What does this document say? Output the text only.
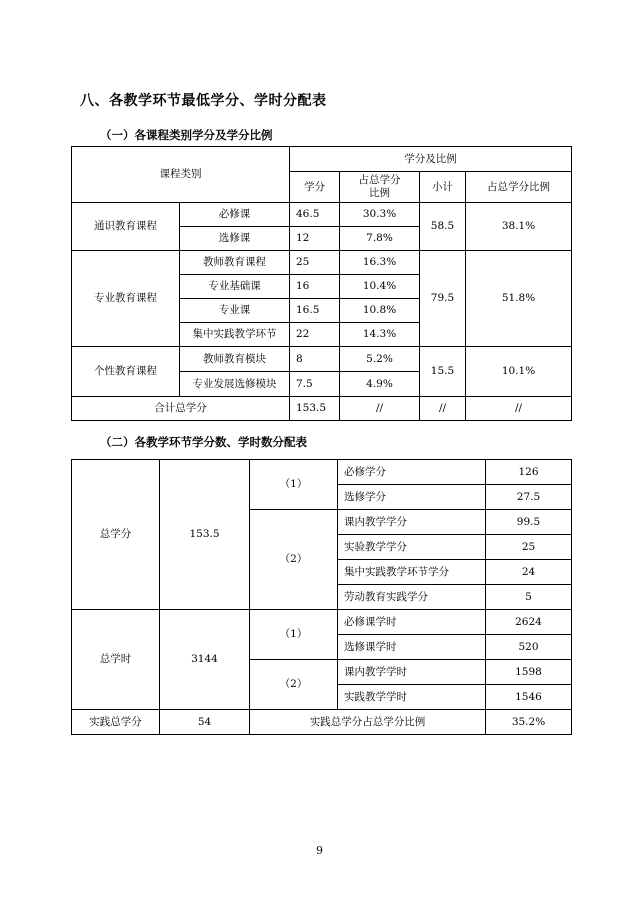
八、各教学环节最低学分、学时分配表
（一）各课程类别学分及学分比例
课程类别		学分及比例			
		学分	占总学分比例	小计	占总学分比例
通识教育课程	必修课	46.5	30.3%	58.5	38.1%
	选修课	12	7.8%		
专业教育课程	教师教育课程	25	16.3%	79.5	51.8%
	专业基础课	16	10.4%		
	专业课	16.5	10.8%		
	集中实践教学环节	22	14.3%		
个性教育课程	教师教育模块	8	5.2%	15.5	10.1%
	专业发展选修模块	7.5	4.9%		
合计总学分		153.5	//	//	//
（二）各教学环节学分数、学时数分配表
总学分	153.5	（1）	必修学分	126
			选修学分	27.5
		（2）	课内教学学分	99.5
			实验教学学分	25
			集中实践教学环节学分	24
			劳动教育实践学分	5
总学时	3144	（1）	必修课学时	2624
			选修课学时	520
		（2）	课内教学学时	1598
			实践教学学时	1546
实践总学分	54	实践总学分占总学分比例		35.2%
9
